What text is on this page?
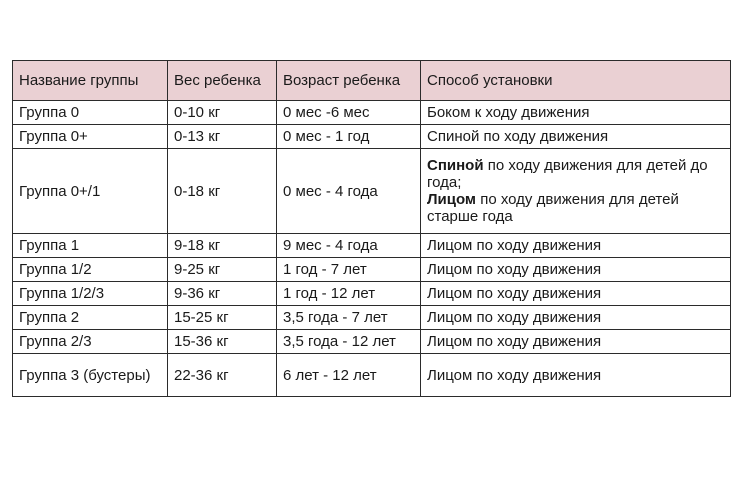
Название группы	Вес ребенка	Возраст ребенка	Способ установки
Группа 0	0-10 кг	0 мес -6 мес	Боком к ходу движения
Группа 0+	0-13 кг	0 мес - 1 год	Спиной по ходу движения
Группа 0+/1	0-18 кг	0 мес - 4 года	Спиной по ходу движения для детей до года;
Лицом по ходу движения для детей старше года

Группа 1	9-18 кг	9 мес - 4 года	Лицом по ходу движения
Группа 1/2	9-25 кг	1 год - 7 лет	Лицом по ходу движения
Группа 1/2/3	9-36 кг	1 год - 12 лет	Лицом по ходу движения
Группа 2	15-25 кг	3,5 года - 7 лет	Лицом по ходу движения
Группа 2/3	15-36 кг	3,5 года - 12 лет	Лицом по ходу движения
Группа 3 (бустеры)	22-36 кг	6 лет - 12 лет	Лицом по ходу движения
